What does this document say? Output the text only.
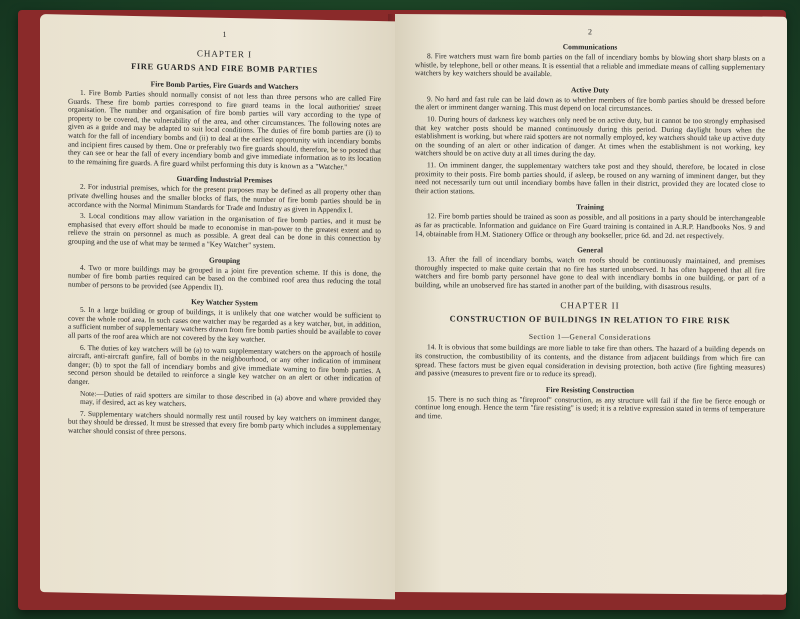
1
CHAPTER I
FIRE GUARDS AND FIRE BOMB PARTIES
Fire Bomb Parties, Fire Guards and Watchers
1. Fire Bomb Parties should normally consist of not less than three persons who are called Fire Guards. These fire bomb parties correspond to fire guard teams in the local authorities' street organisation. The number and organisation of fire bomb parties will vary according to the type of property to be covered, the vulnerability of the area, and other circumstances. The following notes are given as a guide and may be adapted to suit local conditions. The duties of fire bomb parties are (i) to watch for the fall of incendiary bombs and (ii) to deal at the earliest opportunity with incendiary bombs and incipient fires caused by them. One or preferably two fire guards should, therefore, be so posted that they can see or hear the fall of every incendiary bomb and give immediate information as to its location to the remaining fire guards. A fire guard whilst performing this duty is known as a "Watcher."
Guarding Industrial Premises
2. For industrial premises, which for the present purposes may be defined as all property other than private dwelling houses and the smaller blocks of flats, the number of fire bomb parties should be in accordance with the Normal Minimum Standards for Trade and Industry as given in Appendix I.
3. Local conditions may allow variation in the organisation of fire bomb parties, and it must be emphasised that every effort should be made to economise in man-power to the greatest extent and to relieve the strain on personnel as much as possible. A great deal can be done in this connection by grouping and the use of what may be termed a "Key Watcher" system.
Grouping
4. Two or more buildings may be grouped in a joint fire prevention scheme. If this is done, the number of fire bomb parties required can be based on the combined roof area thus reducing the total number of persons to be provided (see Appendix II).
Key Watcher System
5. In a large building or group of buildings, it is unlikely that one watcher would be sufficient to cover the whole roof area. In such cases one watcher may be regarded as a key watcher, but, in addition, a sufficient number of supplementary watchers drawn from fire bomb parties should be available to cover all parts of the roof area which are not covered by the key watcher.
6. The duties of key watchers will be (a) to warn supplementary watchers on the approach of hostile aircraft, anti-aircraft gunfire, fall of bombs in the neighbourhood, or any other indication of imminent danger; (b) to spot the fall of incendiary bombs and give immediate warning to fire bomb parties. A second person should be detailed to reinforce a single key watcher on an alert or other indication of danger.
Note:—Duties of raid spotters are similar to those described in (a) above and where provided they may, if desired, act as key watchers.
7. Supplementary watchers should normally rest until roused by key watchers on imminent danger, but they should be dressed. It must be stressed that every fire bomb party which includes a supplementary watcher should consist of three persons.
2
Communications
8. Fire watchers must warn fire bomb parties on the fall of incendiary bombs by blowing short sharp blasts on a whistle, by telephone, bell or other means. It is essential that a reliable and immediate means of calling supplementary watchers by key watchers should be available.
Active Duty
9. No hard and fast rule can be laid down as to whether members of fire bomb parties should be dressed before the alert or imminent danger warning. This must depend on local circumstances.
10. During hours of darkness key watchers only need be on active duty, but it cannot be too strongly emphasised that key watcher posts should be manned continuously during this period. During daylight hours when the establishment is working, but where raid spotters are not normally employed, key watchers should take up active duty on the sounding of an alert or other indication of danger. At times when the establishment is not working, key watchers should be on active duty at all times during the day.
11. On imminent danger, the supplementary watchers take post and they should, therefore, be located in close proximity to their posts. Fire bomb parties should, if asleep, be roused on any warning of imminent danger, but they need not necessarily turn out until incendiary bombs have fallen in their district, provided they are located close to their action stations.
Training
12. Fire bomb parties should be trained as soon as possible, and all positions in a party should be interchangeable as far as practicable. Information and guidance on Fire Guard training is contained in A.R.P. Handbooks Nos. 9 and 14, obtainable from H.M. Stationery Office or through any bookseller, price 6d. and 2d. net respectively.
General
13. After the fall of incendiary bombs, watch on roofs should be continuously maintained, and premises thoroughly inspected to make quite certain that no fire has started unobserved. It has often happened that all fire watchers and fire bomb party personnel have gone to deal with incendiary bombs in one building, or part of a building, while an unobserved fire has started in another part of the building, with disastrous results.
CHAPTER II
CONSTRUCTION OF BUILDINGS IN RELATION TO FIRE RISK
Section 1—General Considerations
14. It is obvious that some buildings are more liable to take fire than others. The hazard of a building depends on its construction, the combustibility of its contents, and the distance from adjacent buildings from which fire can spread. These factors must be given equal consideration in devising protection, both active (fire fighting measures) and passive (measures to prevent fire or to reduce its spread).
Fire Resisting Construction
15. There is no such thing as "fireproof" construction, as any structure will fail if the fire be fierce enough or continue long enough. Hence the term "fire resisting" is used; it is a relative expression stated in terms of temperature and time.
